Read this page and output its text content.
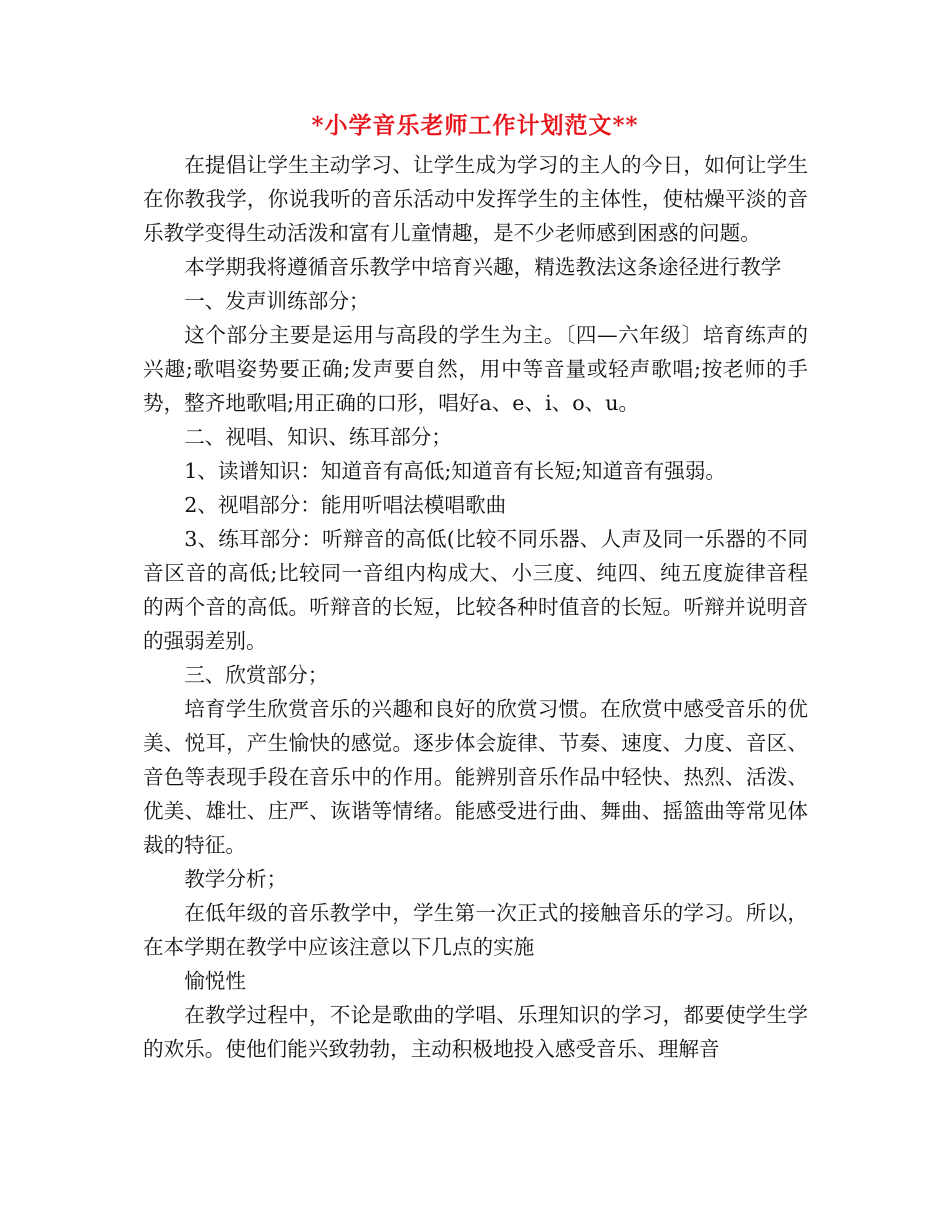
*小学音乐老师工作计划范文**

在提倡让学生主动学习、让学生成为学习的主人的今日，如何让学生在你教我学，你说我听的音乐活动中发挥学生的主体性，使枯燥平淡的音乐教学变得生动活泼和富有儿童情趣，是不少老师感到困惑的问题。

本学期我将遵循音乐教学中培育兴趣，精选教法这条途径进行教学

一、发声训练部分；

这个部分主要是运用与高段的学生为主。〔四—六年级〕培育练声的兴趣;歌唱姿势要正确;发声要自然，用中等音量或轻声歌唱;按老师的手势，整齐地歌唱;用正确的口形，唱好a、e、i、o、u。

二、视唱、知识、练耳部分；

1、读谱知识：知道音有高低;知道音有长短;知道音有强弱。

2、视唱部分：能用听唱法模唱歌曲

3、练耳部分：听辩音的高低(比较不同乐器、人声及同一乐器的不同音区音的高低;比较同一音组内构成大、小三度、纯四、纯五度旋律音程的两个音的高低。听辩音的长短，比较各种时值音的长短。听辩并说明音的强弱差别。

三、欣赏部分；

培育学生欣赏音乐的兴趣和良好的欣赏习惯。在欣赏中感受音乐的优美、悦耳，产生愉快的感觉。逐步体会旋律、节奏、速度、力度、音区、音色等表现手段在音乐中的作用。能辨别音乐作品中轻快、热烈、活泼、优美、雄壮、庄严、诙谐等情绪。能感受进行曲、舞曲、摇篮曲等常见体裁的特征。

教学分析；

在低年级的音乐教学中，学生第一次正式的接触音乐的学习。所以，在本学期在教学中应该注意以下几点的实施

愉悦性

在教学过程中，不论是歌曲的学唱、乐理知识的学习，都要使学生学的欢乐。使他们能兴致勃勃，主动积极地投入感受音乐、理解音
